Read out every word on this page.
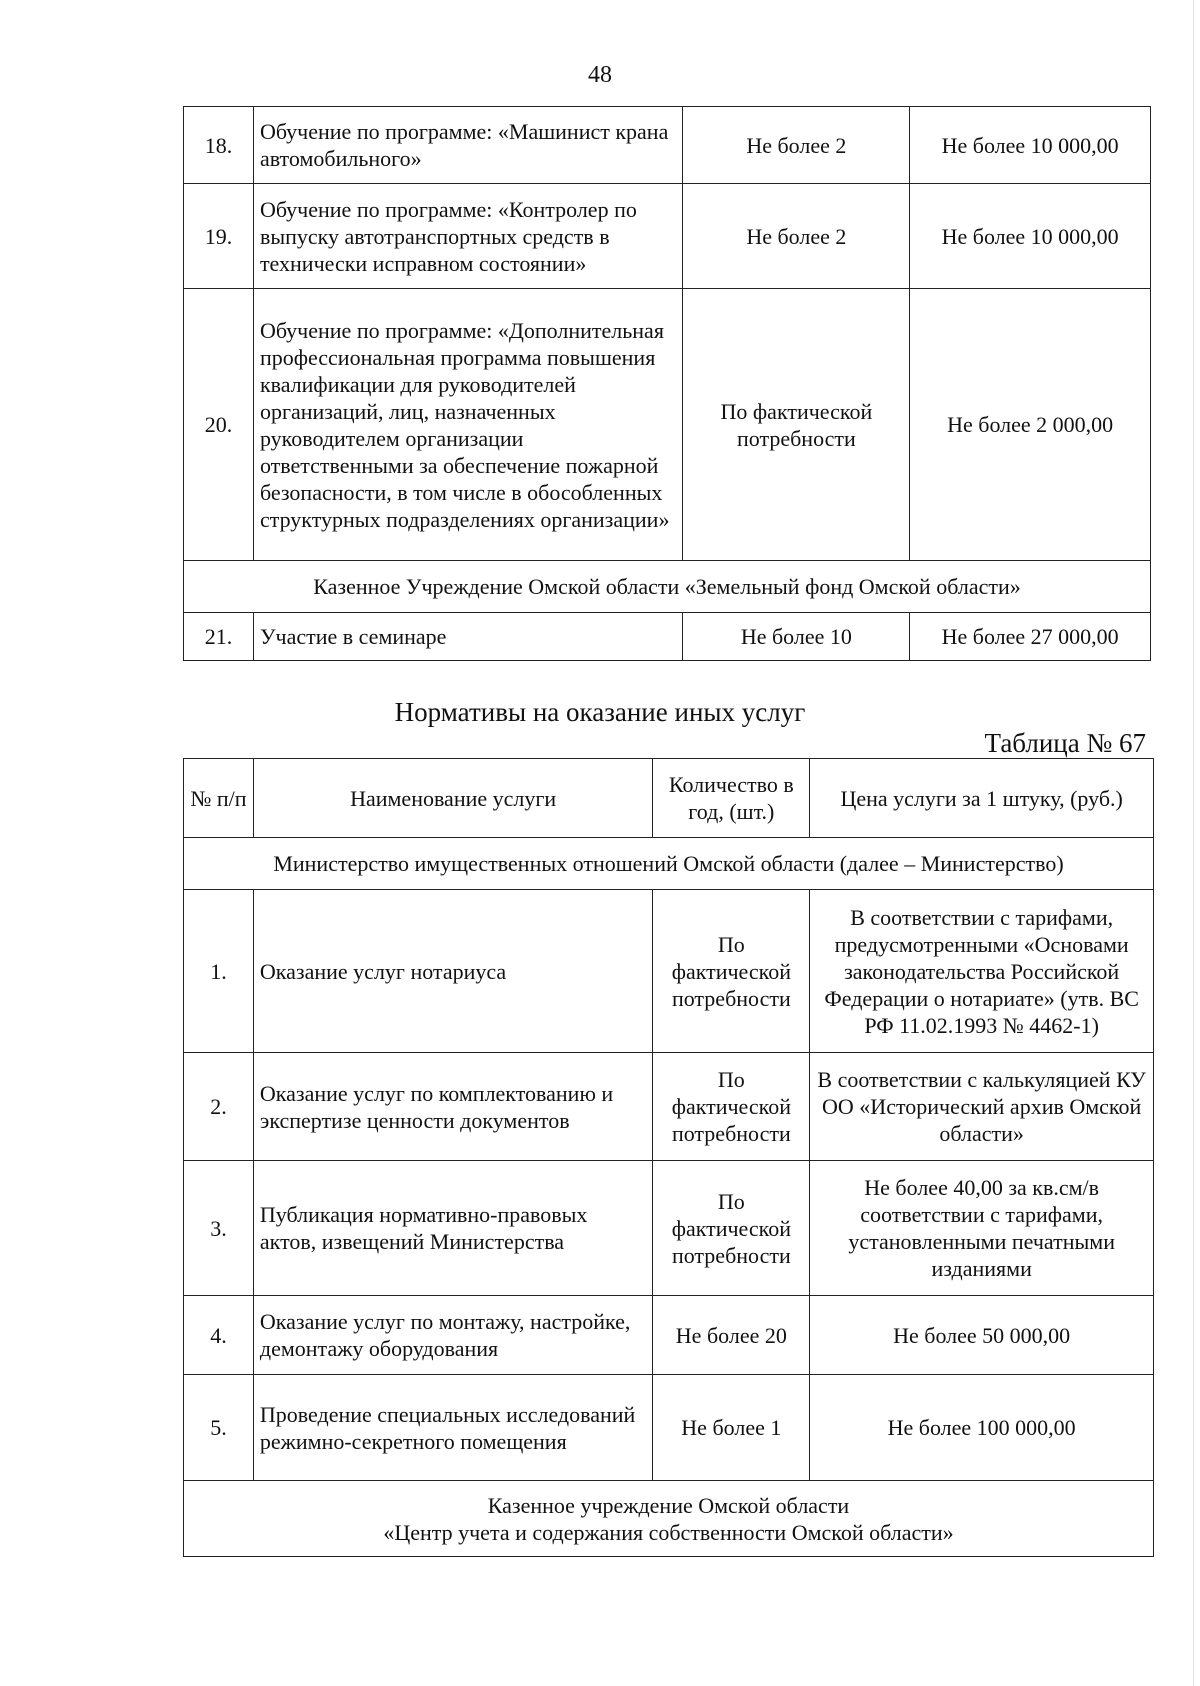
48
18.	Обучение по программе: «Машинист крана автомобильного»	Не более 2	Не более 10 000,00
19.	Обучение по программе: «Контролер по выпуску автотранспортных средств в технически исправном состоянии»	Не более 2	Не более 10 000,00
20.	Обучение по программе: «Дополнительная профессиональная программа повышения квалификации для руководителей организаций, лиц, назначенных руководителем организации ответственными за обеспечение пожарной безопасности, в том числе в обособленных структурных подразделениях организации»	По фактической потребности	Не более 2 000,00
Казенное Учреждение Омской области «Земельный фонд Омской области»			
21.	Участие в семинаре	Не более 10	Не более 27 000,00
Нормативы на оказание иных услуг
Таблица № 67
№ п/п	Наименование услуги	Количество в год, (шт.)	Цена услуги за 1 штуку, (руб.)
Министерство имущественных отношений Омской области (далее – Министерство)			
1.	Оказание услуг нотариуса	По фактической потребности	В соответствии с тарифами, предусмотренными «Основами законодательства Российской Федерации о нотариате» (утв. ВС РФ 11.02.1993 № 4462-1)
2.	Оказание услуг по комплектованию и экспертизе ценности документов	По фактической потребности	В соответствии с калькуляцией КУ ОО «Исторический архив Омской области»
3.	Публикация нормативно-правовых актов, извещений Министерства	По фактической потребности	Не более 40,00 за кв.см/в соответствии с тарифами, установленными печатными изданиями
4.	Оказание услуг по монтажу, настройке, демонтажу оборудования	Не более 20	Не более 50 000,00
5.	Проведение специальных исследований режимно-секретного помещения	Не более 1	Не более 100 000,00

Казенное учреждение Омской области
«Центр учета и содержания собственности Омской области»			
